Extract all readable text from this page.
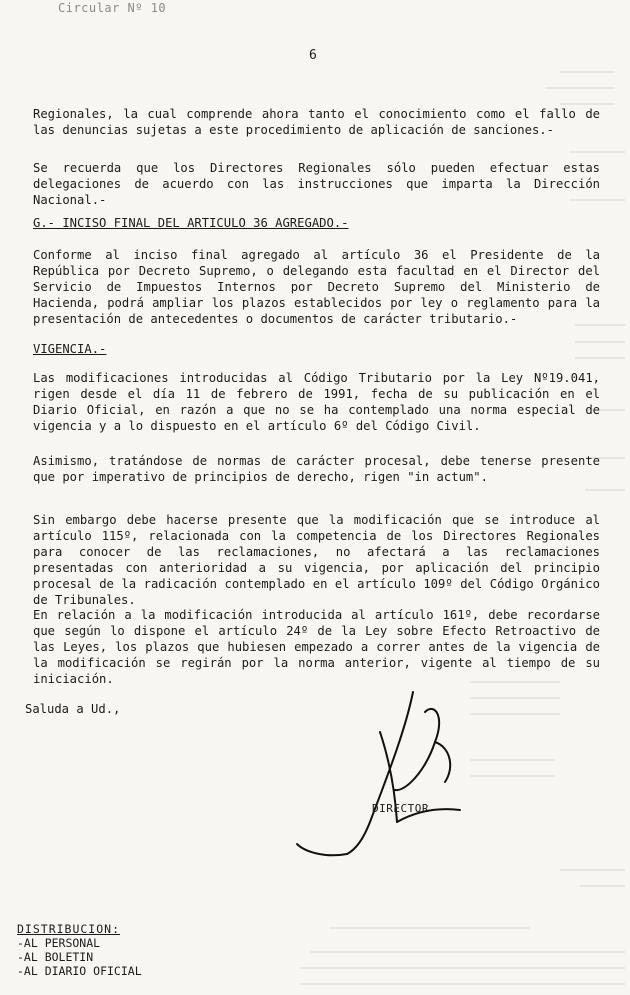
Circular Nº 10
6
Regionales, la cual comprende ahora tanto el conocimiento como el fallo de las denuncias sujetas a este procedimiento de aplicación de sanciones.-
Se recuerda que los Directores Regionales sólo pueden efectuar estas delegaciones de acuerdo con las instrucciones que imparta la Dirección Nacional.-
G.- INCISO FINAL DEL ARTICULO 36 AGREGADO.-
Conforme al inciso final agregado al artículo 36 el Presidente de la República por Decreto Supremo, o delegando esta facultad en el Director del Servicio de Impuestos Internos por Decreto Supremo del Ministerio de Hacienda, podrá ampliar los plazos establecidos por ley o reglamento para la presentación de antecedentes o documentos de carácter tributario.-
VIGENCIA.-
Las modificaciones introducidas al Código Tributario por la Ley Nº19.041, rigen desde el día 11 de febrero de 1991, fecha de su publicación en el Diario Oficial, en razón a que no se ha contemplado una norma especial de vigencia y a lo dispuesto en el artículo 6º del Código Civil.
Asimismo, tratándose de normas de carácter procesal, debe tenerse presente que por imperativo de principios de derecho, rigen "in actum".
Sin embargo debe hacerse presente que la modificación que se introduce al artículo 115º, relacionada con la competencia de los Directores Regionales para conocer de las reclamaciones, no afectará a las reclamaciones presentadas con anterioridad a su vigencia, por aplicación del principio procesal de la radicación contemplado en el artículo 109º del Código Orgánico de Tribunales.
En relación a la modificación introducida al artículo 161º, debe recordarse que según lo dispone el artículo 24º de la Ley sobre Efecto Retroactivo de las Leyes, los plazos que hubiesen empezado a correr antes de la vigencia de la modificación se regirán por la norma anterior, vigente al tiempo de su iniciación.
Saluda a Ud.,
DIRECTOR
DISTRIBUCION:
-AL PERSONAL
-AL BOLETIN
-AL DIARIO OFICIAL
